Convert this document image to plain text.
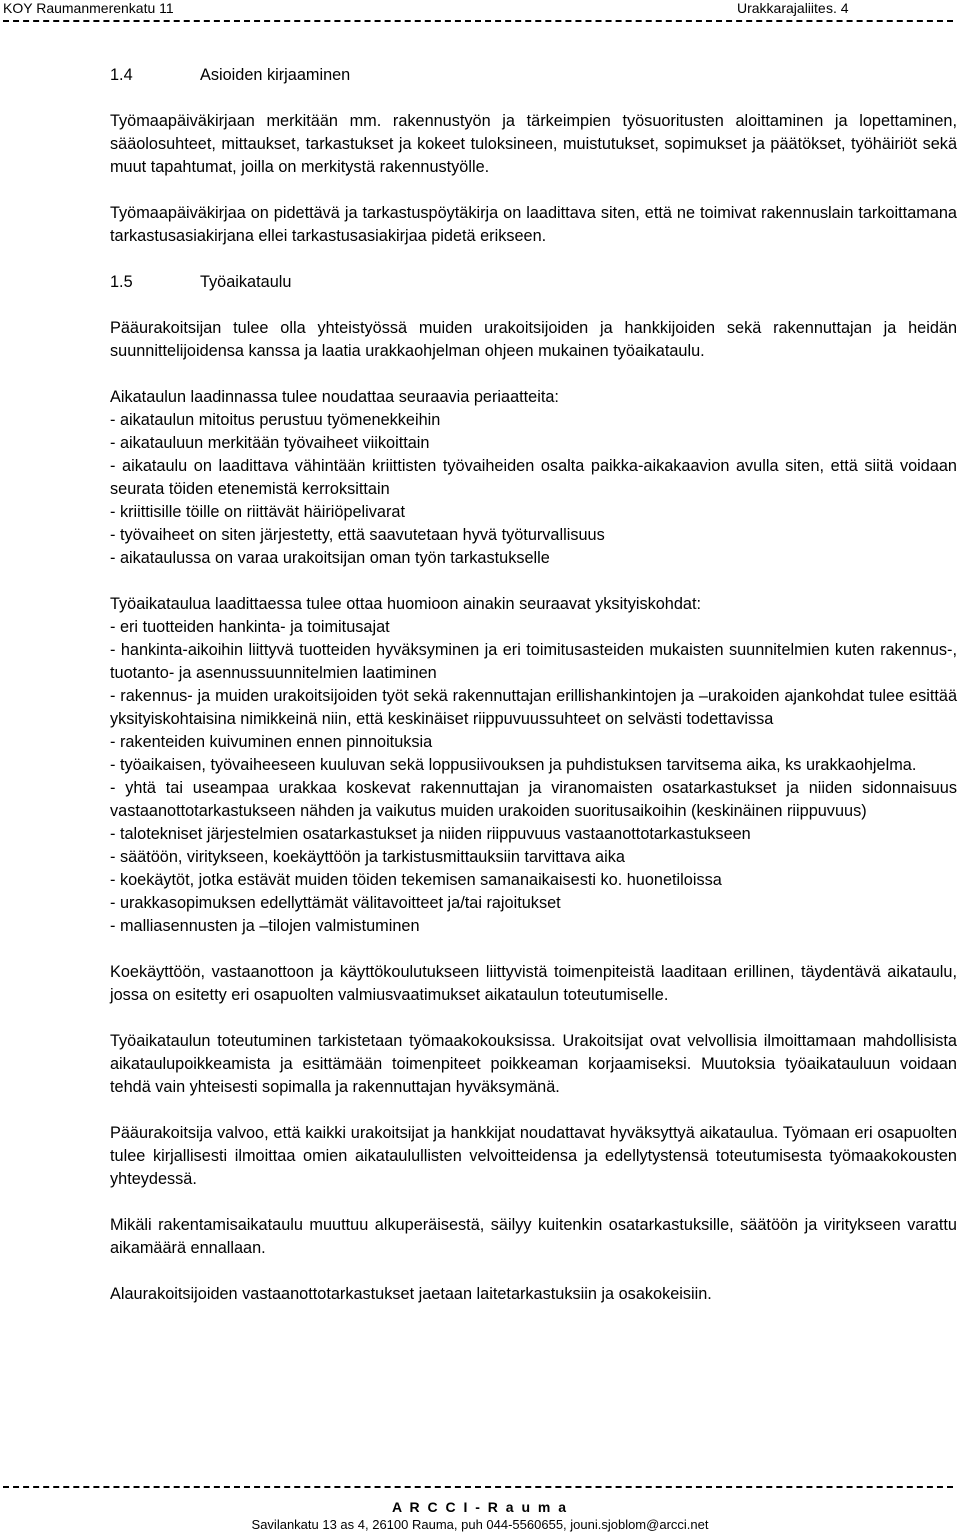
KOY Raumanmerenkatu 11	Urakkarajaliite s. 4
1.4	Asioiden kirjaaminen

Työmaapäiväkirjaan merkitään mm. rakennustyön ja tärkeimpien työsuoritusten aloittaminen ja lopettaminen, sääolosuhteet, mittaukset, tarkastukset ja kokeet tuloksineen, muistutukset, sopimukset ja päätökset, työhäiriöt sekä muut tapahtumat, joilla on merkitystä rakennustyölle.

Työmaapäiväkirjaa on pidettävä ja tarkastuspöytäkirja on laadittava siten, että ne toimivat rakennuslain tarkoittamana tarkastusasiakirjana ellei tarkastusasiakirjaa pidetä erikseen.

1.5	Työaikataulu

Pääurakoitsijan tulee olla yhteistyössä muiden urakoitsijoiden ja hankkijoiden sekä rakennuttajan ja heidän suunnittelijoidensa kanssa ja laatia urakkaohjelman ohjeen mukainen työaikataulu.

Aikataulun laadinnassa tulee noudattaa seuraavia periaatteita:
- aikataulun mitoitus perustuu työmenekkeihin
- aikatauluun merkitään työvaiheet viikoittain
- aikataulu on laadittava vähintään kriittisten työvaiheiden osalta paikka-aikakaavion avulla siten, että siitä voidaan seurata töiden etenemistä kerroksittain
- kriittisille töille on riittävät häiriöpelivarat
- työvaiheet on siten järjestetty, että saavutetaan hyvä työturvallisuus
- aikataulussa on varaa urakoitsijan oman työn tarkastukselle

Työaikataulua laadittaessa tulee ottaa huomioon ainakin seuraavat yksityiskohdat:
- eri tuotteiden hankinta- ja toimitusajat
- hankinta-aikoihin liittyvä tuotteiden hyväksyminen ja eri toimitusasteiden mukaisten suunnitelmien kuten rakennus-, tuotanto- ja asennussuunnitelmien laatiminen
- rakennus- ja muiden urakoitsijoiden työt sekä rakennuttajan erillishankintojen ja –urakoiden ajankohdat tulee esittää yksityiskohtaisina nimikkeinä niin, että keskinäiset riippuvuussuhteet on selvästi todettavissa
- rakenteiden kuivuminen ennen pinnoituksia
- työaikaisen, työvaiheeseen kuuluvan sekä loppusiivouksen ja puhdistuksen tarvitsema aika, ks urakkaohjelma.
- yhtä tai useampaa urakkaa koskevat rakennuttajan ja viranomaisten osatarkastukset ja niiden sidonnaisuus vastaanottotarkastukseen nähden ja vaikutus muiden urakoiden suoritusaikoihin (keskinäinen riippuvuus)
- talotekniset järjestelmien osatarkastukset ja niiden riippuvuus vastaanottotarkastukseen
- säätöön, viritykseen, koekäyttöön ja tarkistusmittauksiin tarvittava aika
- koekäytöt, jotka estävät muiden töiden tekemisen samanaikaisesti ko. huonetiloissa
- urakkasopimuksen edellyttämät välitavoitteet ja/tai rajoitukset
- malliasennusten ja –tilojen valmistuminen

Koekäyttöön, vastaanottoon ja käyttökoulutukseen liittyvistä toimenpiteistä laaditaan erillinen, täydentävä aikataulu, jossa on esitetty eri osapuolten valmiusvaatimukset aikataulun toteutumiselle.

Työaikataulun toteutuminen tarkistetaan työmaakokouksissa. Urakoitsijat ovat velvollisia ilmoittamaan mahdollisista aikataulupoikkeamista ja esittämään toimenpiteet poikkeaman korjaamiseksi. Muutoksia työaikatauluun voidaan tehdä vain yhteisesti sopimalla ja rakennuttajan hyväksymänä.

Pääurakoitsija valvoo, että kaikki urakoitsijat ja hankkijat noudattavat hyväksyttyä aikataulua. Työmaan eri osapuolten tulee kirjallisesti ilmoittaa omien aikataulullisten velvoitteidensa ja edellytystensä toteutumisesta työmaakokousten yhteydessä.

Mikäli rakentamisaikataulu muuttuu alkuperäisestä, säilyy kuitenkin osatarkastuksille, säätöön ja viritykseen varattu aikamäärä ennallaan.

Alaurakoitsijoiden vastaanottotarkastukset jaetaan laitetarkastuksiin ja osakokeisiin.

A R C C I - R a u m a
Savilankatu 13 as 4, 26100 Rauma, puh 044-5560655, jouni.sjoblom@arcci.net
